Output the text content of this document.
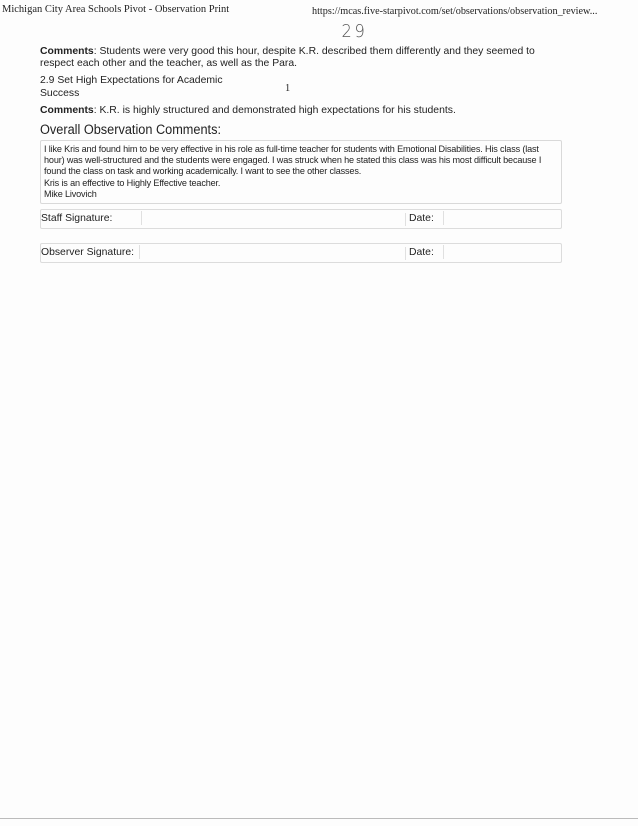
Michigan City Area Schools Pivot - Observation Print	https://mcas.five-starpivot.com/set/observations/observation_review...
29

Comments: Students were very good this hour, despite K.R. described them differently and they seemed to respect each other and the teacher, as well as the Para.

2.9 Set High Expectations for Academic Success	1

Comments: K.R. is highly structured and demonstrated high expectations for his students.

Overall Observation Comments:
I like Kris and found him to be very effective in his role as full-time teacher for students with Emotional Disabilities. His class (last hour) was well-structured and the students were engaged. I was struck when he stated this class was his most difficult because I found the class on task and working academically. I want to see the other classes.
Kris is an effective to Highly Effective teacher.
Mike Livovich
Staff Signature:	Date:
Observer Signature:	Date:
